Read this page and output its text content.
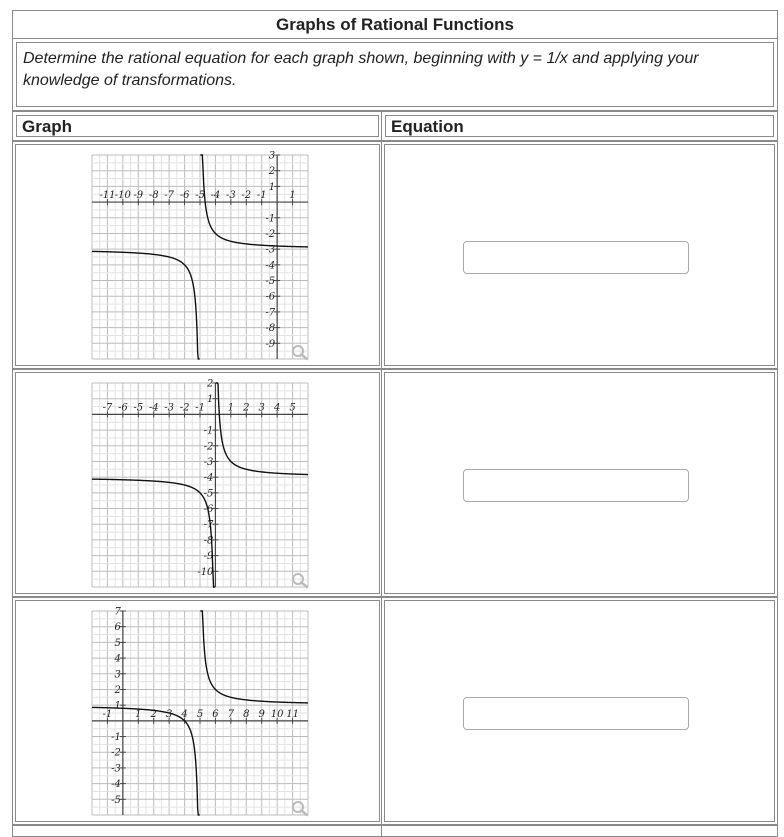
Graphs of Rational Functions

Determine the rational equation for each graph shown, beginning with y = 1/x and applying your knowledge of transformations.

Graph	Equation
-11 -10 -9 -8 -7 -6 -5 -4 -3 -2 -1 1
3
2
1
-1
-2
-3
-4
-5
-6
-7
-8
-9
-7 -6 -5 -4 -3 -2 -1 1 2 3 4 5
2
1
-1
-2
-3
-4
-5
-6
-7
-8
-9
-10
-1 1 2 3 4 5 6 7 8 9 10 11
7
6
5
4
3
2
1
-1
-2
-3
-4
-5
